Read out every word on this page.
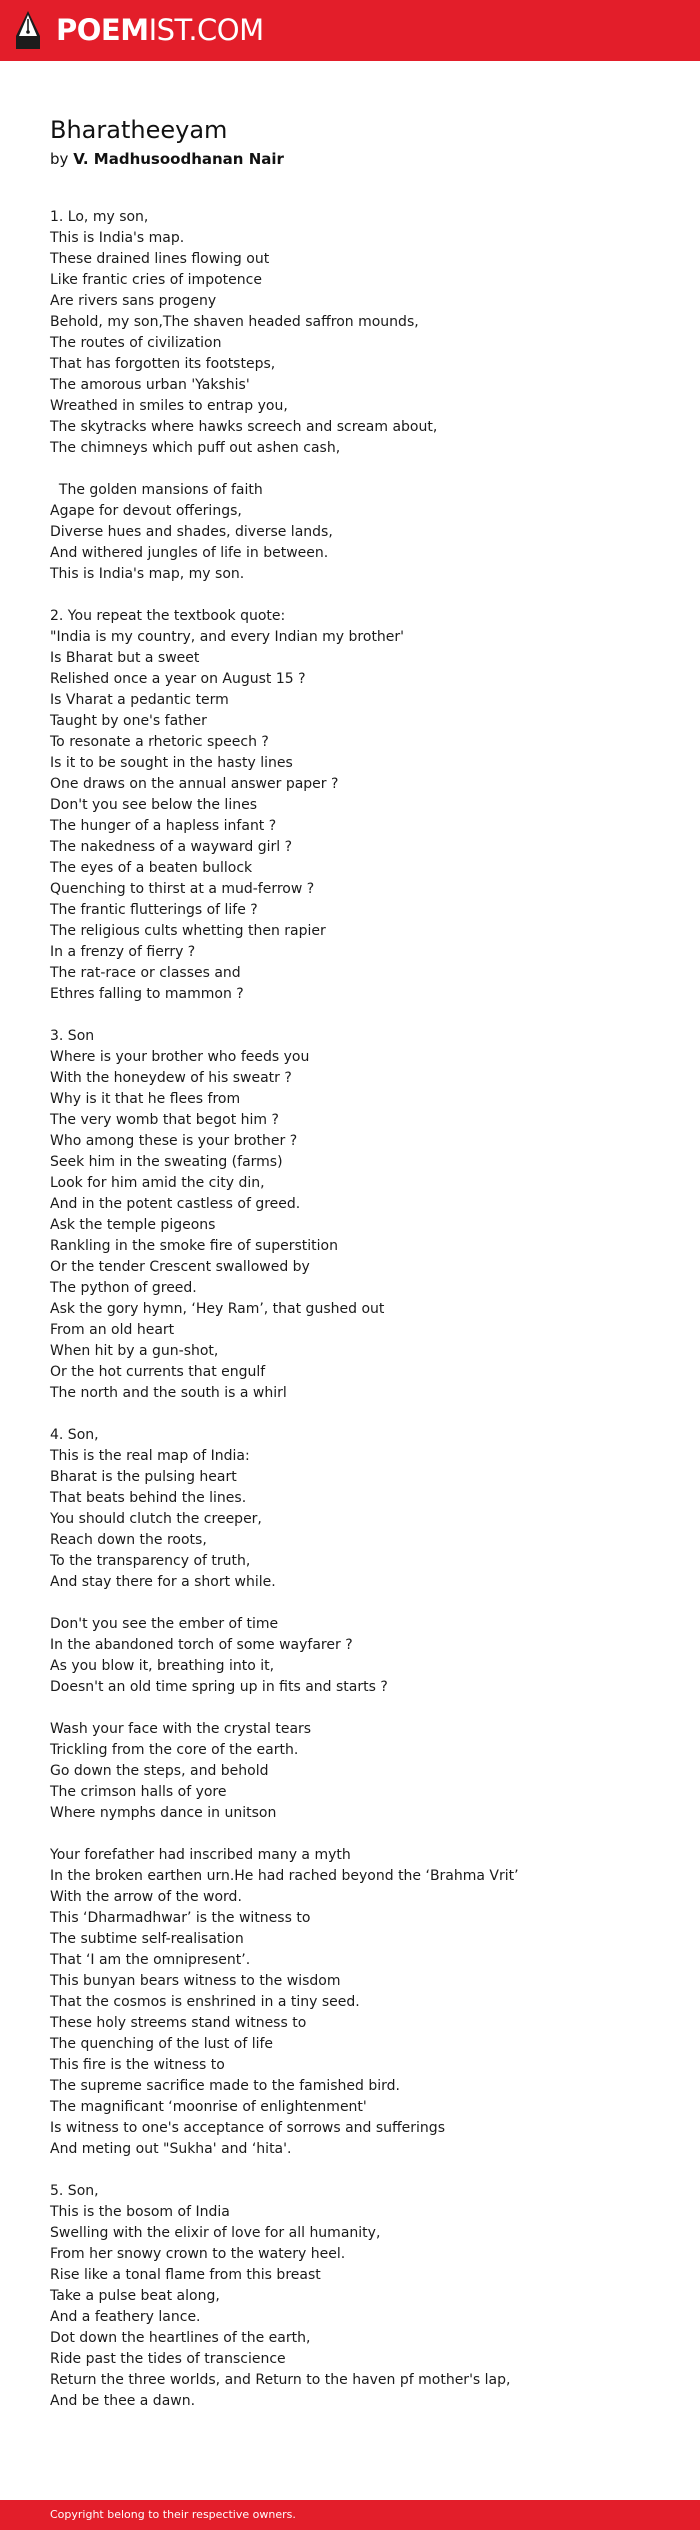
POEMIST.COM
Bharatheeyam
by V. Madhusoodhanan Nair
1. Lo, my son,
This is India's map.
These drained lines flowing out
Like frantic cries of impotence
Are rivers sans progeny
Behold, my son,The shaven headed saffron mounds,
The routes of civilization
That has forgotten its footsteps,
The amorous urban 'Yakshis'
Wreathed in smiles to entrap you,
The skytracks where hawks screech and scream about,
The chimneys which puff out ashen cash,
The golden mansions of faith
Agape for devout offerings,
Diverse hues and shades, diverse lands,
And withered jungles of life in between.
This is India's map, my son.
2. You repeat the textbook quote:
"India is my country, and every Indian my brother'
Is Bharat but a sweet
Relished once a year on August 15 ?
Is Vharat a pedantic term
Taught by one's father
To resonate a rhetoric speech ?
Is it to be sought in the hasty lines
One draws on the annual answer paper ?
Don't you see below the lines
The hunger of a hapless infant ?
The nakedness of a wayward girl ?
The eyes of a beaten bullock
Quenching to thirst at a mud-ferrow ?
The frantic flutterings of life ?
The religious cults whetting then rapier
In a frenzy of fierry ?
The rat-race or classes and
Ethres falling to mammon ?
3. Son
Where is your brother who feeds you
With the honeydew of his sweatr ?
Why is it that he flees from
The very womb that begot him ?
Who among these is your brother ?
Seek him in the sweating (farms)
Look for him amid the city din,
And in the potent castless of greed.
Ask the temple pigeons
Rankling in the smoke fire of superstition
Or the tender Crescent swallowed by
The python of greed.
Ask the gory hymn, ‘Hey Ram’, that gushed out
From an old heart
When hit by a gun-shot,
Or the hot currents that engulf
The north and the south is a whirl
4. Son,
This is the real map of India:
Bharat is the pulsing heart
That beats behind the lines.
You should clutch the creeper,
Reach down the roots,
To the transparency of truth,
And stay there for a short while.
Don't you see the ember of time
In the abandoned torch of some wayfarer ?
As you blow it, breathing into it,
Doesn't an old time spring up in fits and starts ?
Wash your face with the crystal tears
Trickling from the core of the earth.
Go down the steps, and behold
The crimson halls of yore
Where nymphs dance in unitson
Your forefather had inscribed many a myth
In the broken earthen urn.He had rached beyond the ‘Brahma Vrit’
With the arrow of the word.
This ‘Dharmadhwar’ is the witness to
The subtime self-realisation
That ‘I am the omnipresent’.
This bunyan bears witness to the wisdom
That the cosmos is enshrined in a tiny seed.
These holy streems stand witness to
The quenching of the lust of life
This fire is the witness to
The supreme sacrifice made to the famished bird.
The magnificant ‘moonrise of enlightenment'
Is witness to one's acceptance of sorrows and sufferings
And meting out "Sukha' and ‘hita'.
5. Son,
This is the bosom of India
Swelling with the elixir of love for all humanity,
From her snowy crown to the watery heel.
Rise like a tonal flame from this breast
Take a pulse beat along,
And a feathery lance.
Dot down the heartlines of the earth,
Ride past the tides of transcience
Return the three worlds, and Return to the haven pf mother's lap,
And be thee a dawn.
Copyright belong to their respective owners.
